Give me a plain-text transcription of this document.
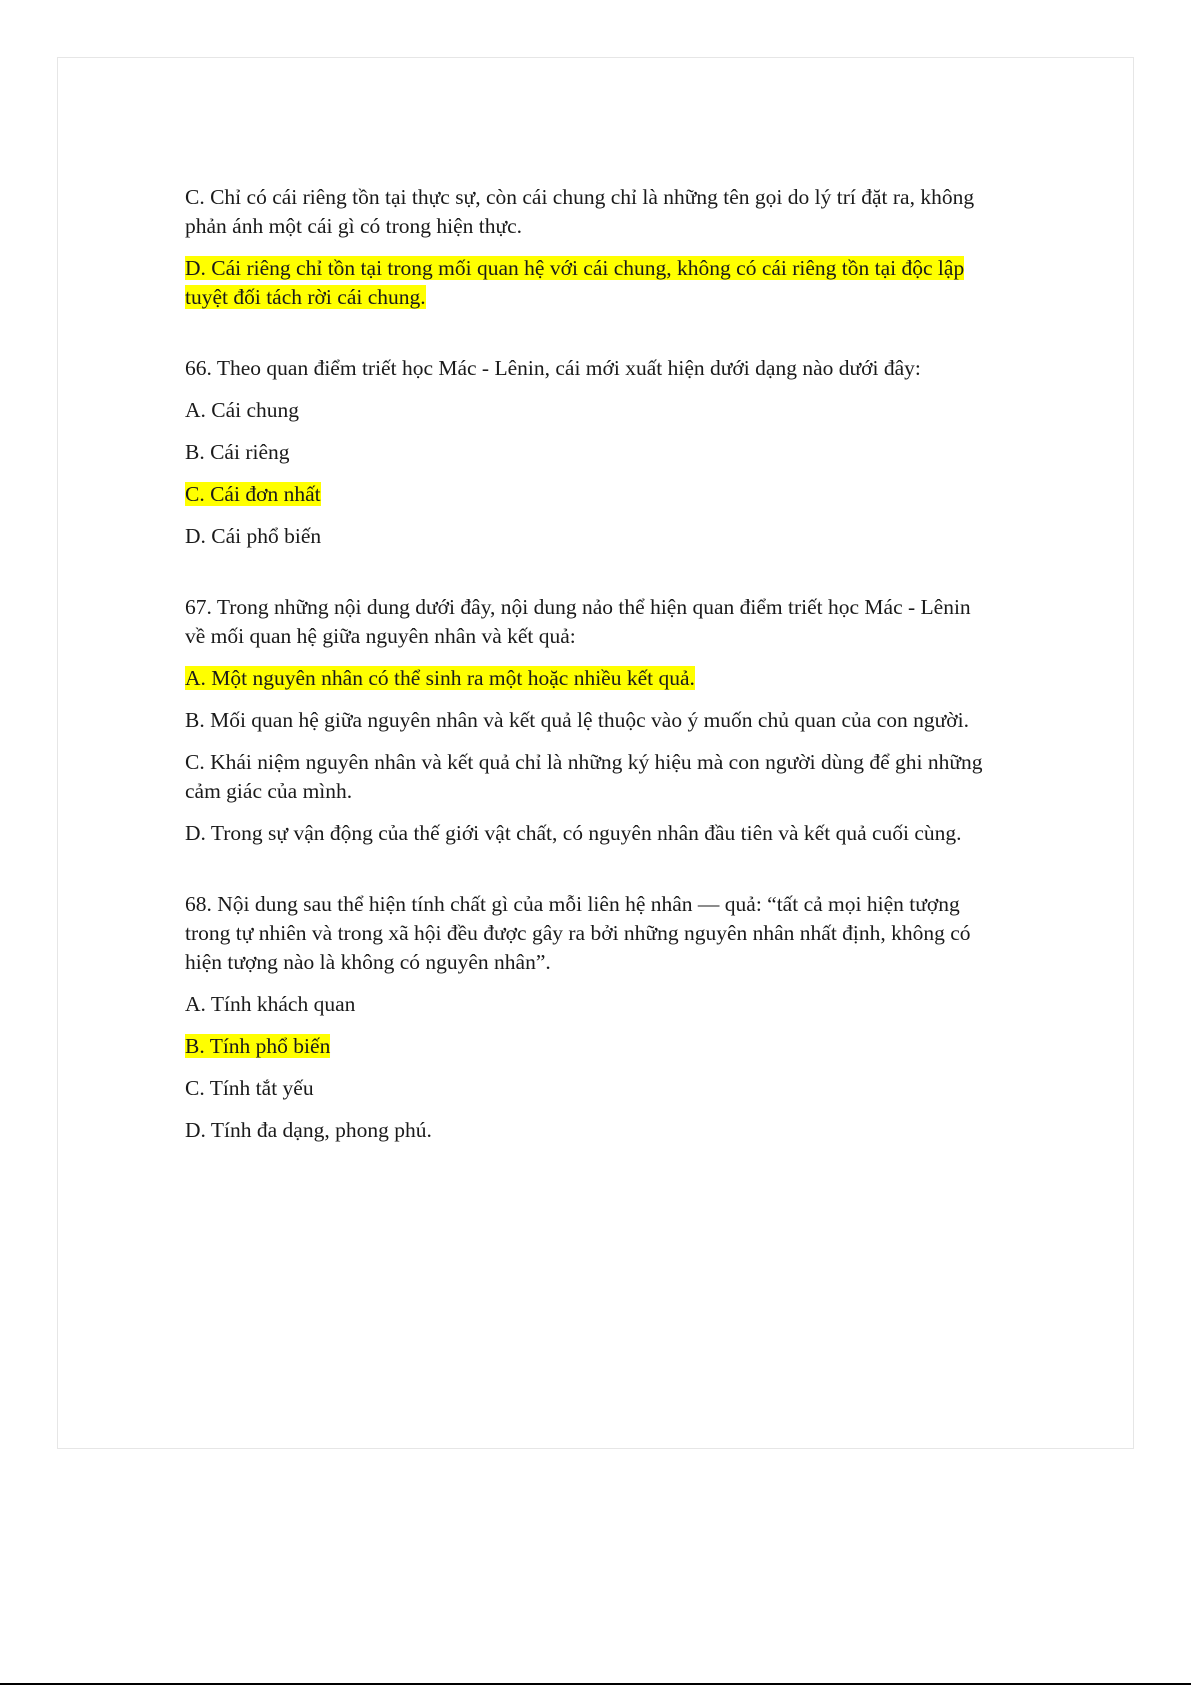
C. Chỉ có cái riêng tồn tại thực sự, còn cái chung chỉ là những tên gọi do lý trí đặt ra, không phản ánh một cái gì có trong hiện thực.
D. Cái riêng chỉ tồn tại trong mối quan hệ với cái chung, không có cái riêng tồn tại độc lập tuyệt đối tách rời cái chung.
66. Theo quan điểm triết học Mác - Lênin, cái mới xuất hiện dưới dạng nào dưới đây:
A. Cái chung
B. Cái riêng
C. Cái đơn nhất
D. Cái phổ biến
67. Trong những nội dung dưới đây, nội dung nảo thể hiện quan điểm triết học Mác - Lênin về mối quan hệ giữa nguyên nhân và kết quả:
A. Một nguyên nhân có thể sinh ra một hoặc nhiều kết quả.
B. Mối quan hệ giữa nguyên nhân và kết quả lệ thuộc vào ý muốn chủ quan của con người.
C. Khái niệm nguyên nhân và kết quả chỉ là những ký hiệu mà con người dùng để ghi những cảm giác của mình.
D. Trong sự vận động của thế giới vật chất, có nguyên nhân đầu tiên và kết quả cuối cùng.
68. Nội dung sau thể hiện tính chất gì của mỗi liên hệ nhân — quả: “tất cả mọi hiện tượng trong tự nhiên và trong xã hội đều được gây ra bởi những nguyên nhân nhất định, không có hiện tượng nào là không có nguyên nhân”.
A. Tính khách quan
B. Tính phổ biến
C. Tính tắt yếu
D. Tính đa dạng, phong phú.
